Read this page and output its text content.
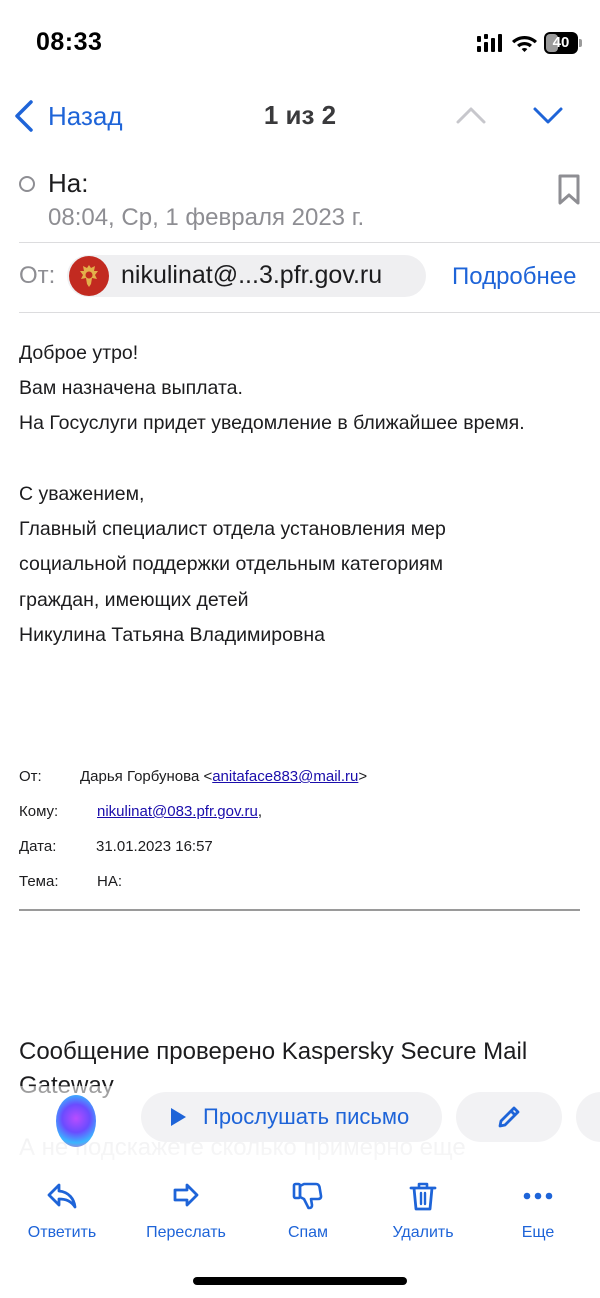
08:33	40
Назад	1 из 2
На:
08:04, Ср, 1 февраля 2023 г.
От:	nikulinat@...3.pfr.gov.ru	Подробнее
Доброе утро!
Вам назначена выплата.
На Госуслуги придет уведомление в ближайшее время.
С уважением,
Главный специалист отдела установления мер
социальной поддержки отдельным категориям
граждан, имеющих детей
Никулина Татьяна Владимировна
От:	Дарья Горбунова <anitaface883@mail.ru>
Кому:	nikulinat@083.pfr.gov.ru,
Дата:	31.01.2023 16:57
Тема:	НА:
Сообщение проверено Kaspersky Secure Mail
Прослушать письмо
Ответить	Переслать	Спам	Удалить	Еще
